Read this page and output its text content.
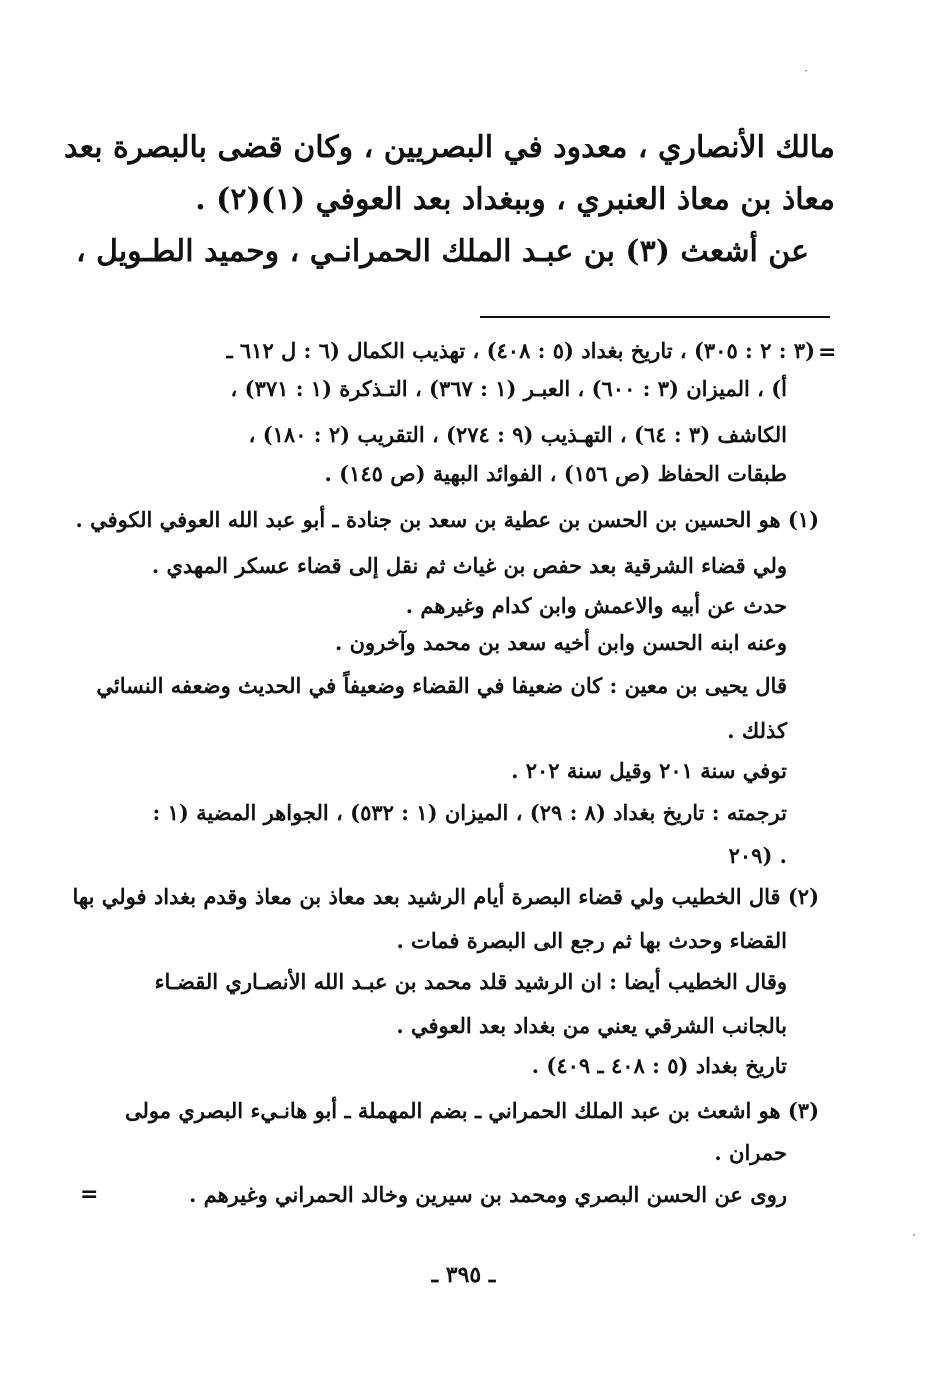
·
مالك الأنصاري ، معدود في البصريين ، وكان قضى بالبصرة بعد
معاذ بن معاذ العنبري ، وببغداد بعد العوفي (١)(٢) .
عن أشعث (٣) بن عبـد الملك الحمرانـي ، وحميد الطـويل ،
=
(٣ : ٢ : ٣٠٥) ، تاريخ بغداد (٥ : ٤٠٨) ، تهذيب الكمال (٦ : ل ٦١٢ ـ
أ) ، الميزان (٣ : ٦٠٠) ، العبـر (١ : ٣٦٧) ، التـذكرة (١ : ٣٧١) ،
الكاشف (٣ : ٦٤) ، التهـذيب (٩ : ٢٧٤) ، التقريب (٢ : ١٨٠) ،
طبقات الحفاظ (ص ١٥٦) ، الفوائد البهية (ص ١٤٥) .
(١) هو الحسين بن الحسن بن عطية بن سعد بن جنادة ـ أبو عبد الله العوفي الكوفي .
ولي قضاء الشرقية بعد حفص بن غياث ثم نقل إلى قضاء عسكر المهدي .
حدث عن أبيه والاعمش وابن كدام وغيرهم .
وعنه ابنه الحسن وابن أخيه سعد بن محمد وآخرون .
قال يحيى بن معين : كان ضعيفا في القضاء وضعيفاً في الحديث وضعفه النسائي
كذلك .
توفي سنة ٢٠١ وقيل سنة ٢٠٢ .
ترجمته : تاريخ بغداد (٨ : ٢٩) ، الميزان (١ : ٥٣٢) ، الجواهر المضية (١ :
٢٠٩) .
(٢) قال الخطيب ولي قضاء البصرة أيام الرشيد بعد معاذ بن معاذ وقدم بغداد فولي بها
القضاء وحدث بها ثم رجع الى البصرة فمات .
وقال الخطيب أيضا : ان الرشيد قلد محمد بن عبـد الله الأنصـاري القضـاء
بالجانب الشرقي يعني من بغداد بعد العوفي .
تاريخ بغداد (٥ : ٤٠٨ ـ ٤٠٩) .
(٣) هو اشعث بن عبد الملك الحمراني ـ بضم المهملة ـ أبو هانـيء البصري مولى
حمران .
روى عن الحسن البصري ومحمد بن سيرين وخالد الحمراني وغيرهم .
=
·
ـ ٣٩٥ ـ
